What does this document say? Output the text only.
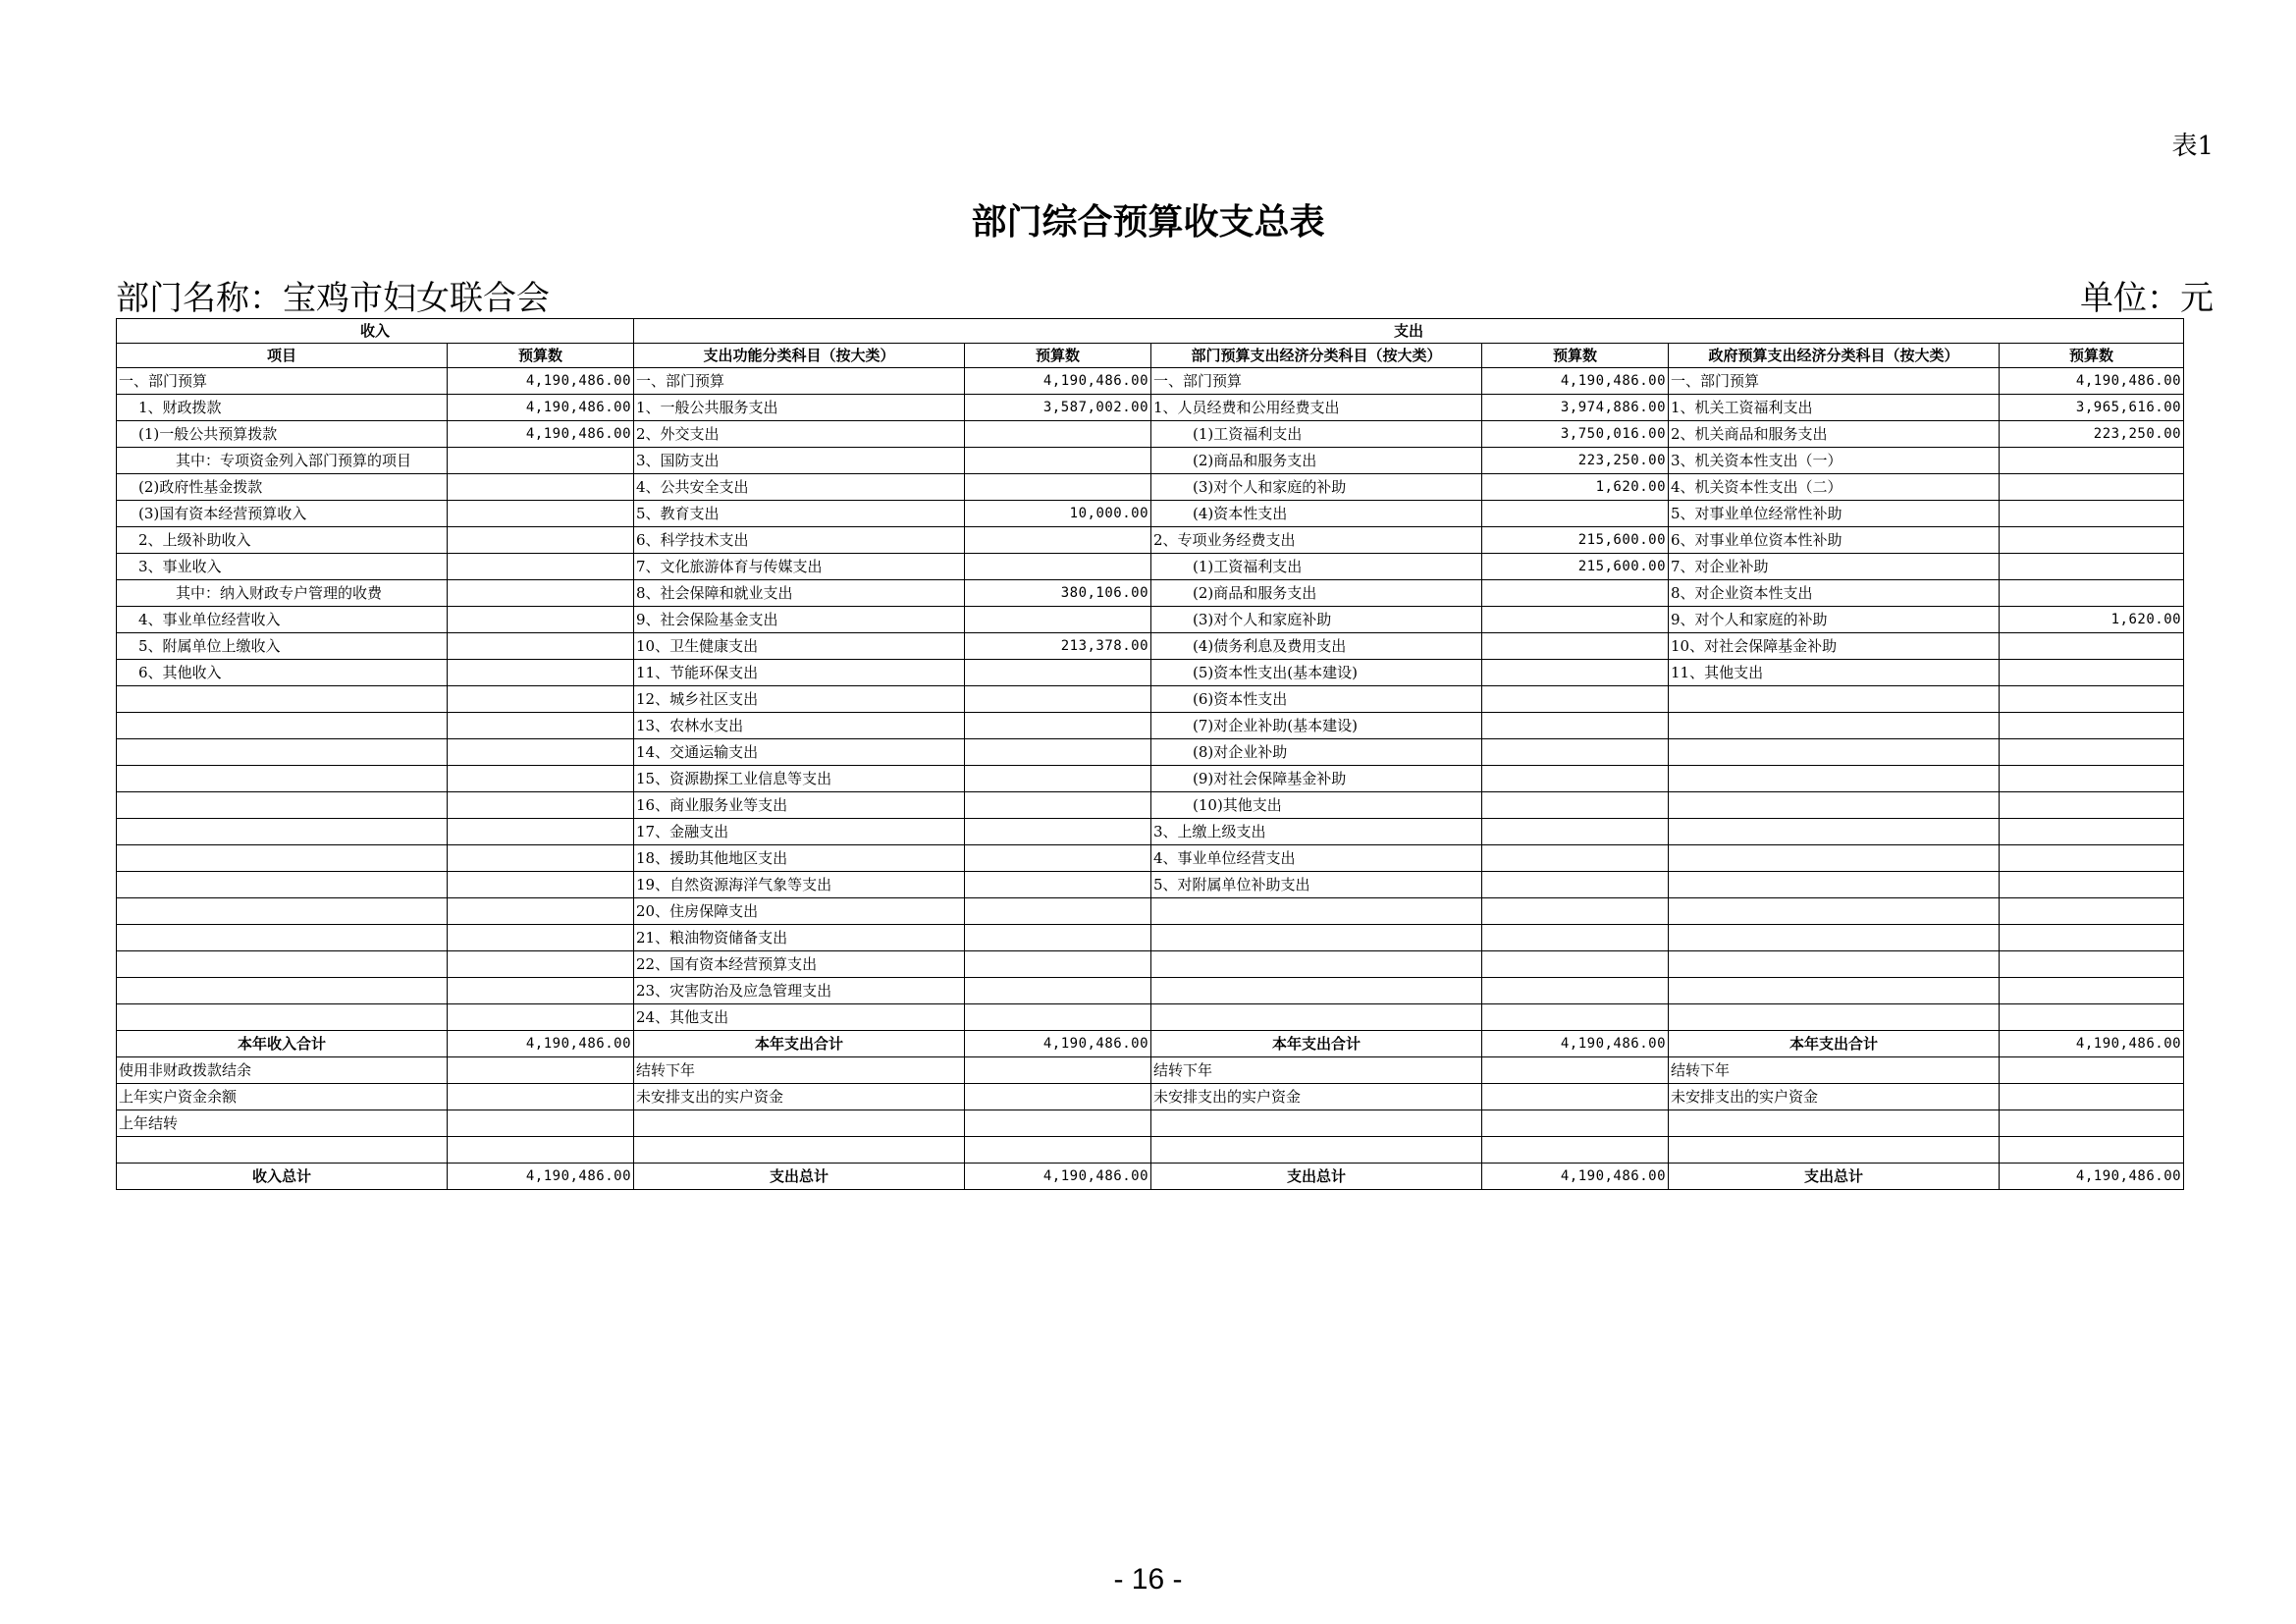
表1
部门综合预算收支总表
部门名称：宝鸡市妇女联合会	单位：元
收入		支出					
项目	预算数	支出功能分类科目（按大类）	预算数	部门预算支出经济分类科目（按大类）	预算数	政府预算支出经济分类科目（按大类）	预算数
一、部门预算	4,190,486.00	一、部门预算	4,190,486.00	一、部门预算	4,190,486.00	一、部门预算	4,190,486.00
1、财政拨款	4,190,486.00	1、一般公共服务支出	3,587,002.00	1、人员经费和公用经费支出	3,974,886.00	1、机关工资福利支出	3,965,616.00
(1)一般公共预算拨款	4,190,486.00	2、外交支出		(1)工资福利支出	3,750,016.00	2、机关商品和服务支出	223,250.00
其中：专项资金列入部门预算的项目		3、国防支出		(2)商品和服务支出	223,250.00	3、机关资本性支出（一）	
(2)政府性基金拨款		4、公共安全支出		(3)对个人和家庭的补助	1,620.00	4、机关资本性支出（二）	
(3)国有资本经营预算收入		5、教育支出	10,000.00	(4)资本性支出		5、对事业单位经常性补助	
2、上级补助收入		6、科学技术支出		2、专项业务经费支出	215,600.00	6、对事业单位资本性补助	
3、事业收入		7、文化旅游体育与传媒支出		(1)工资福利支出	215,600.00	7、对企业补助	
其中：纳入财政专户管理的收费		8、社会保障和就业支出	380,106.00	(2)商品和服务支出		8、对企业资本性支出	
4、事业单位经营收入		9、社会保险基金支出		(3)对个人和家庭补助		9、对个人和家庭的补助	1,620.00
5、附属单位上缴收入		10、卫生健康支出	213,378.00	(4)债务利息及费用支出		10、对社会保障基金补助	
6、其他收入		11、节能环保支出		(5)资本性支出(基本建设)		11、其他支出	
		12、城乡社区支出		(6)资本性支出			
		13、农林水支出		(7)对企业补助(基本建设)			
		14、交通运输支出		(8)对企业补助			
		15、资源勘探工业信息等支出		(9)对社会保障基金补助			
		16、商业服务业等支出		(10)其他支出			
		17、金融支出		3、上缴上级支出			
		18、援助其他地区支出		4、事业单位经营支出			
		19、自然资源海洋气象等支出		5、对附属单位补助支出			
		20、住房保障支出					
		21、粮油物资储备支出					
		22、国有资本经营预算支出					
		23、灾害防治及应急管理支出					
		24、其他支出					
本年收入合计	4,190,486.00	本年支出合计	4,190,486.00	本年支出合计	4,190,486.00	本年支出合计	4,190,486.00
使用非财政拨款结余		结转下年		结转下年		结转下年	
上年实户资金余额		未安排支出的实户资金		未安排支出的实户资金		未安排支出的实户资金	
上年结转							

收入总计	4,190,486.00	支出总计	4,190,486.00	支出总计	4,190,486.00	支出总计	4,190,486.00
- 16 -
